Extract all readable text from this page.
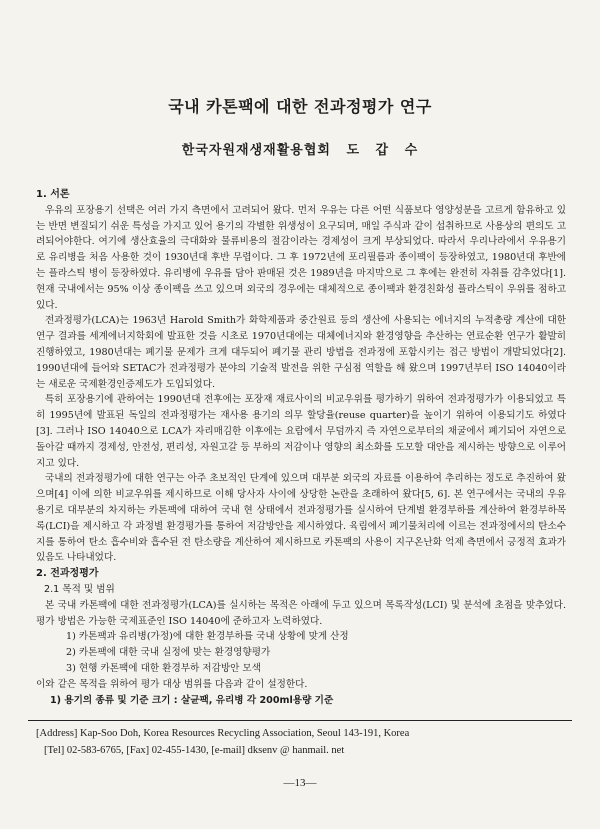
국내 카톤팩에 대한 전과정평가 연구
한국자원재생재활용협회 도 갑 수
1. 서론

우유의 포장용기 선택은 여러 가지 측면에서 고려되어 왔다. 먼저 우유는 다른 어떤 식품보다 영양성분을 고르게 함유하고 있는 반면 변질되기 쉬운 특성을 가지고 있어 용기의 각별한 위생성이 요구되며, 매일 주식과 같이 섭취하므로 사용상의 편의도 고려되어야한다. 여기에 생산효율의 극대화와 물류비용의 절감이라는 경제성이 크게 부상되었다. 따라서 우리나라에서 우유용기로 유리병을 처음 사용한 것이 1930년대 후반 무렵이다. 그 후 1972년에 포리필름과 종이팩이 등장하였고, 1980년대 후반에는 플라스틱 병이 등장하였다. 유리병에 우유를 담아 판매된 것은 1989년을 마지막으로 그 후에는 완전히 자취를 감추었다[1]. 현재 국내에서는 95% 이상 종이팩을 쓰고 있으며 외국의 경우에는 대체적으로 종이팩과 환경친화성 플라스틱이 우위를 점하고 있다.

전과정평가(LCA)는 1963년 Harold Smith가 화학제품과 중간원료 등의 생산에 사용되는 에너지의 누적총량 계산에 대한 연구 결과를 세계에너지학회에 발표한 것을 시초로 1970년대에는 대체에너지와 환경영향을 추산하는 연료순환 연구가 활발히 진행하였고, 1980년대는 폐기물 문제가 크게 대두되어 폐기물 관리 방법을 전과정에 포함시키는 접근 방법이 개발되었다[2]. 1990년대에 들어와 SETAC가 전과정평가 분야의 기술적 발전을 위한 구심점 역할을 해 왔으며 1997년부터 ISO 14040이라는 새로운 국제환경인증제도가 도입되었다.

특히 포장용기에 관하여는 1990년대 전후에는 포장재 재료사이의 비교우위를 평가하기 위하여 전과정평가가 이용되었고 특히 1995년에 발표된 독일의 전과정평가는 재사용 용기의 의무 할당율(reuse quarter)을 높이기 위하여 이용되기도 하였다[3]. 그러나 ISO 14040으로 LCA가 자리매김한 이후에는 요람에서 무덤까지 즉 자연으로부터의 채굴에서 폐기되어 자연으로 돌아갈 때까지 경제성, 안전성, 편리성, 자원고갈 등 부하의 저감이나 영향의 최소화를 도모할 대안을 제시하는 방향으로 이루어 지고 있다.

국내의 전과정평가에 대한 연구는 아주 초보적인 단계에 있으며 대부분 외국의 자료를 이용하여 추리하는 정도로 추진하여 왔으며[4] 이에 의한 비교우위를 제시하므로 이해 당사자 사이에 상당한 논란을 초래하여 왔다[5, 6]. 본 연구에서는 국내의 우유용기로 대부분의 차지하는 카톤팩에 대하여 국내 현 상태에서 전과정평가를 실시하여 단계별 환경부하를 계산하여 환경부하목록(LCI)을 제시하고 각 과정별 환경평가를 통하여 저감방안을 제시하였다. 육림에서 폐기물처리에 이르는 전과정에서의 탄소수지를 통하여 탄소 흡수비와 흡수된 전 탄소량을 계산하여 제시하므로 카톤팩의 사용이 지구온난화 억제 측면에서 긍정적 효과가 있음도 나타내었다.

2. 전과정평가
2.1 목적 및 범위

본 국내 카톤팩에 대한 전과정평가(LCA)를 실시하는 목적은 아래에 두고 있으며 목록작성(LCI) 및 분석에 초점을 맞추었다. 평가 방법은 가능한 국제표준인 ISO 14040에 준하고자 노력하였다.

1) 카톤팩과 유리병(가정)에 대한 환경부하를 국내 상황에 맞게 산정
2) 카톤팩에 대한 국내 실정에 맞는 환경영향평가
3) 현행 카톤팩에 대한 환경부하 저감방안 모색

이와 같은 목적을 위하여 평가 대상 범위를 다음과 같이 설정한다.

1) 용기의 종류 및 기준 크기 : 살균팩, 유리병 각 200ml용량 기준
[Address] Kap-Soo Doh, Korea Resources Recycling Association, Seoul 143-191, Korea
[Tel] 02-583-6765, [Fax] 02-455-1430, [e-mail] dksenv @ hanmail. net
—13—
